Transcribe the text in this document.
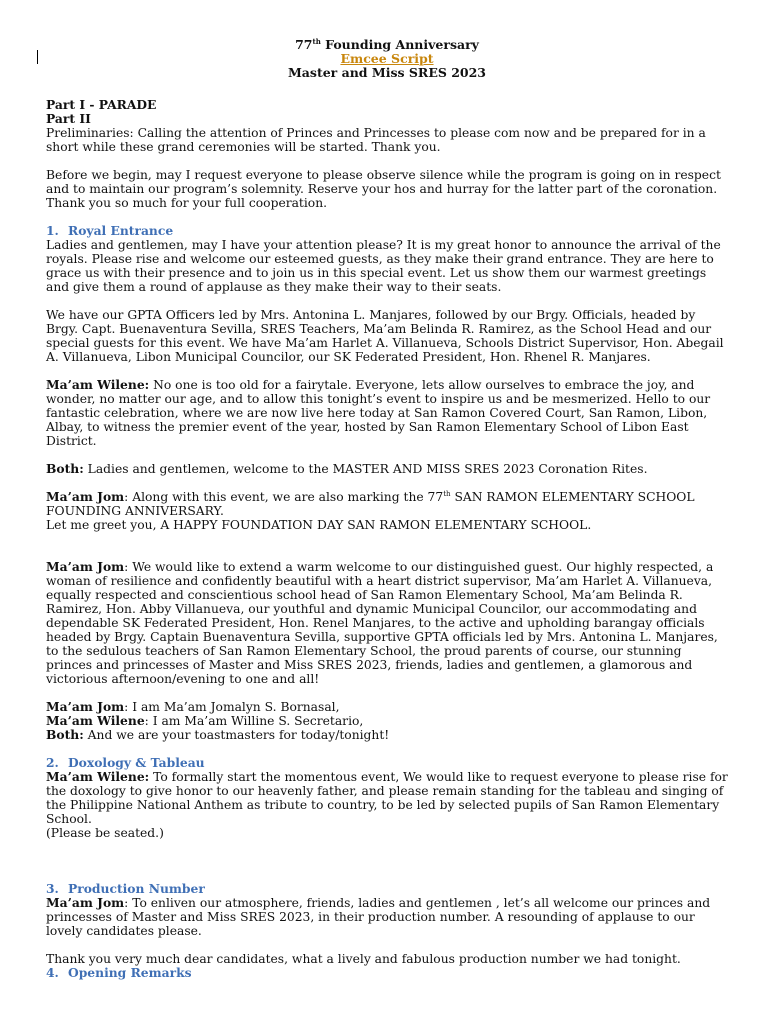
77th Founding Anniversary
Emcee Script
Master and Miss SRES 2023
Part I - PARADE
Part II

Preliminaries: Calling the attention of Princes and Princesses to please com now and be prepared for in a short while these grand ceremonies will be started. Thank you.

Before we begin, may I request everyone to please observe silence while the program is going on in respect and to maintain our program’s solemnity. Reserve your hos and hurray for the latter part of the coronation. Thank you so much for your full cooperation.

1. Royal Entrance

Ladies and gentlemen, may I have your attention please? It is my great honor to announce the arrival of the royals. Please rise and welcome our esteemed guests, as they make their grand entrance. They are here to grace us with their presence and to join us in this special event. Let us show them our warmest greetings and give them a round of applause as they make their way to their seats.

We have our GPTA Officers led by Mrs. Antonina L. Manjares, followed by our Brgy. Officials, headed by Brgy. Capt. Buenaventura Sevilla, SRES Teachers, Ma’am Belinda R. Ramirez, as the School Head and our special guests for this event. We have Ma’am Harlet A. Villanueva, Schools District Supervisor, Hon. Abegail A. Villanueva, Libon Municipal Councilor, our SK Federated President, Hon. Rhenel R. Manjares.

Ma’am Wilene: No one is too old for a fairytale. Everyone, lets allow ourselves to embrace the joy, and wonder, no matter our age, and to allow this tonight’s event to inspire us and be mesmerized. Hello to our fantastic celebration, where we are now live here today at San Ramon Covered Court, San Ramon, Libon, Albay, to witness the premier event of the year, hosted by San Ramon Elementary School of Libon East District.

Both: Ladies and gentlemen, welcome to the MASTER AND MISS SRES 2023 Coronation Rites.

Ma’am Jom: Along with this event, we are also marking the 77th SAN RAMON ELEMENTARY SCHOOL FOUNDING ANNIVERSARY.

Let me greet you, A HAPPY FOUNDATION DAY SAN RAMON ELEMENTARY SCHOOL.

Ma’am Jom: We would like to extend a warm welcome to our distinguished guest. Our highly respected, a woman of resilience and confidently beautiful with a heart district supervisor, Ma’am Harlet A. Villanueva, equally respected and conscientious school head of San Ramon Elementary School, Ma’am Belinda R. Ramirez, Hon. Abby Villanueva, our youthful and dynamic Municipal Councilor, our accommodating and dependable SK Federated President, Hon. Renel Manjares, to the active and upholding barangay officials headed by Brgy. Captain Buenaventura Sevilla, supportive GPTA officials led by Mrs. Antonina L. Manjares, to the sedulous teachers of San Ramon Elementary School, the proud parents of course, our stunning princes and princesses of Master and Miss SRES 2023, friends, ladies and gentlemen, a glamorous and victorious afternoon/evening to one and all!

Ma’am Jom: I am Ma’am Jomalyn S. Bornasal,

Ma’am Wilene: I am Ma’am Willine S. Secretario,

Both: And we are your toastmasters for today/tonight!

2. Doxology & Tableau

Ma’am Wilene: To formally start the momentous event, We would like to request everyone to please rise for the doxology to give honor to our heavenly father, and please remain standing for the tableau and singing of the Philippine National Anthem as tribute to country, to be led by selected pupils of San Ramon Elementary School.

(Please be seated.)

3. Production Number

Ma’am Jom: To enliven our atmosphere, friends, ladies and gentlemen , let’s all welcome our princes and princesses of Master and Miss SRES 2023, in their production number. A resounding of applause to our lovely candidates please.

Thank you very much dear candidates, what a lively and fabulous production number we had tonight.

4. Opening Remarks
